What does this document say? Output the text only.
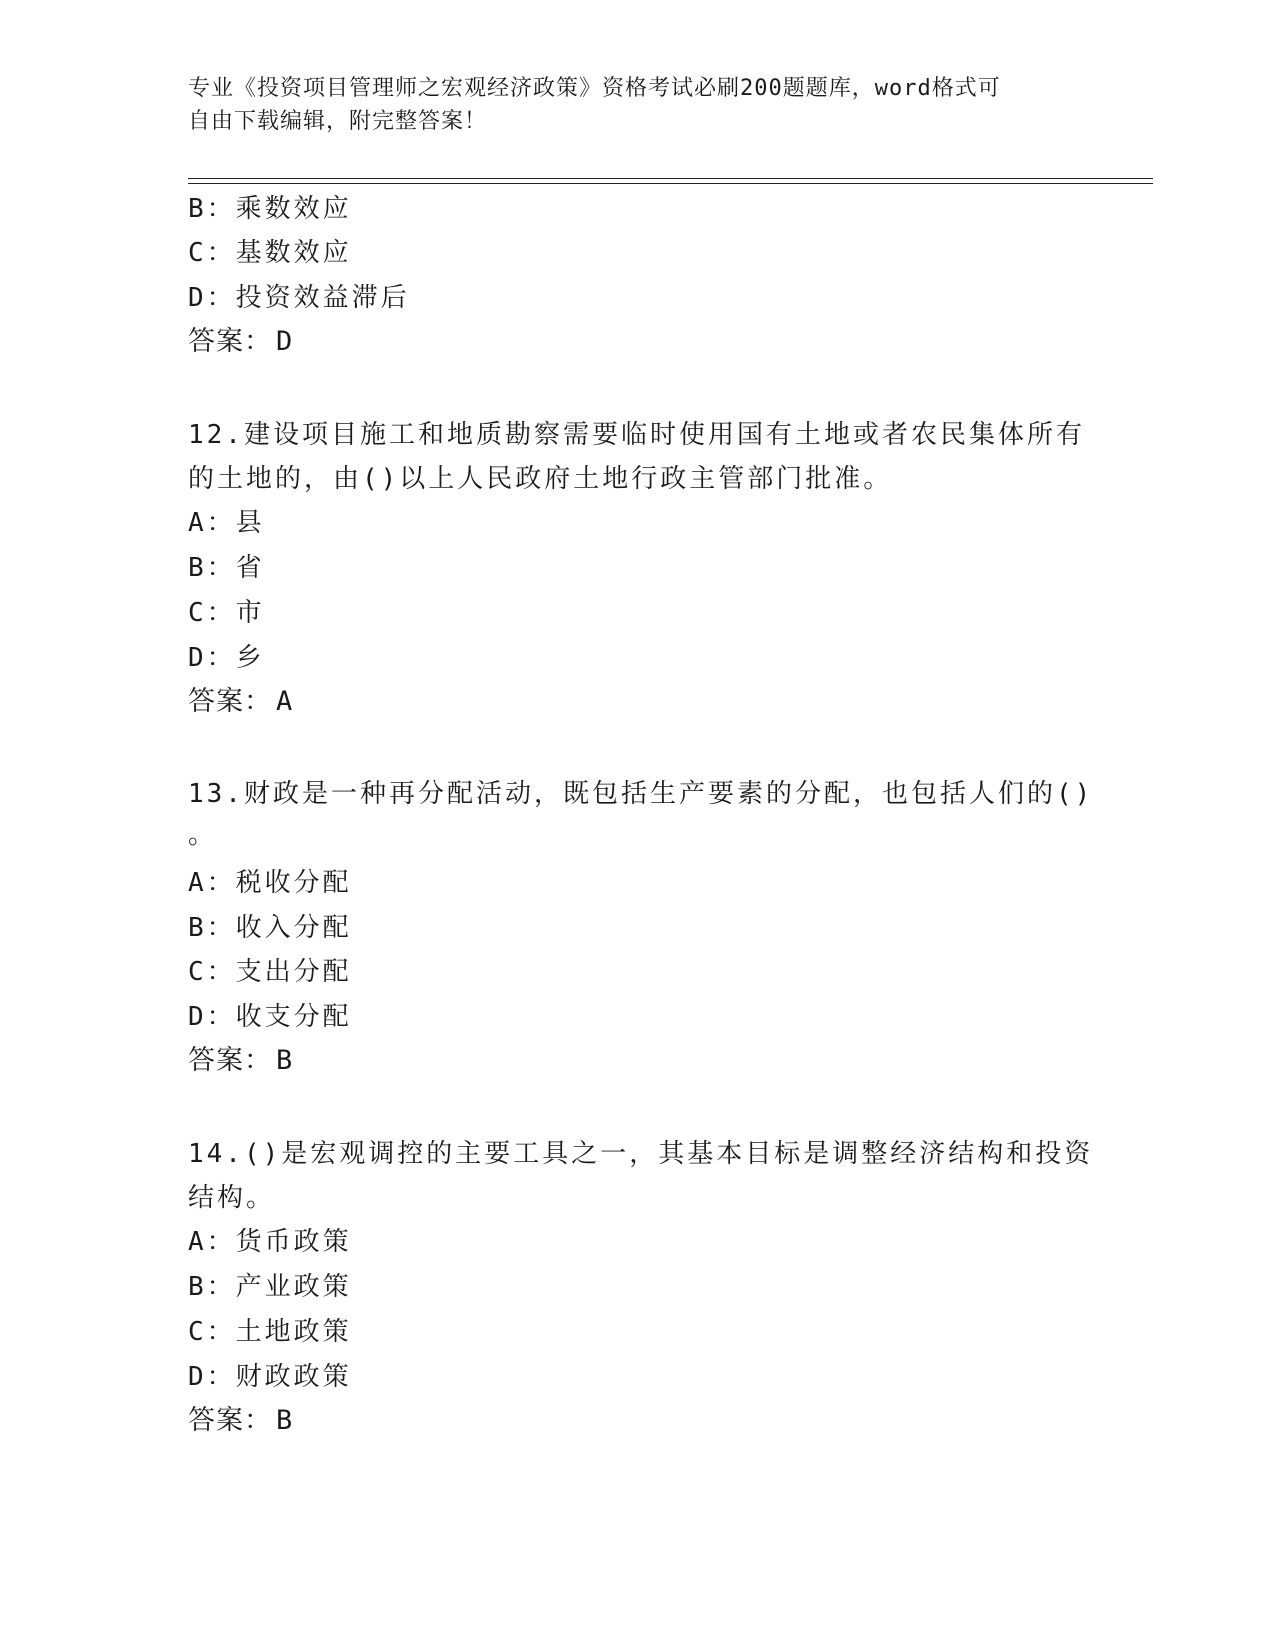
专业《投资项目管理师之宏观经济政策》资格考试必刷200题题库，word格式可
自由下载编辑，附完整答案！
B：乘数效应
C：基数效应
D：投资效益滞后
答案： D
12.建设项目施工和地质勘察需要临时使用国有土地或者农民集体所有
的土地的，由()以上人民政府土地行政主管部门批准。
A：县
B：省
C：市
D：乡
答案： A
13.财政是一种再分配活动，既包括生产要素的分配，也包括人们的()
。
A：税收分配
B：收入分配
C：支出分配
D：收支分配
答案： B
14.()是宏观调控的主要工具之一，其基本目标是调整经济结构和投资
结构。
A：货币政策
B：产业政策
C：土地政策
D：财政政策
答案： B
